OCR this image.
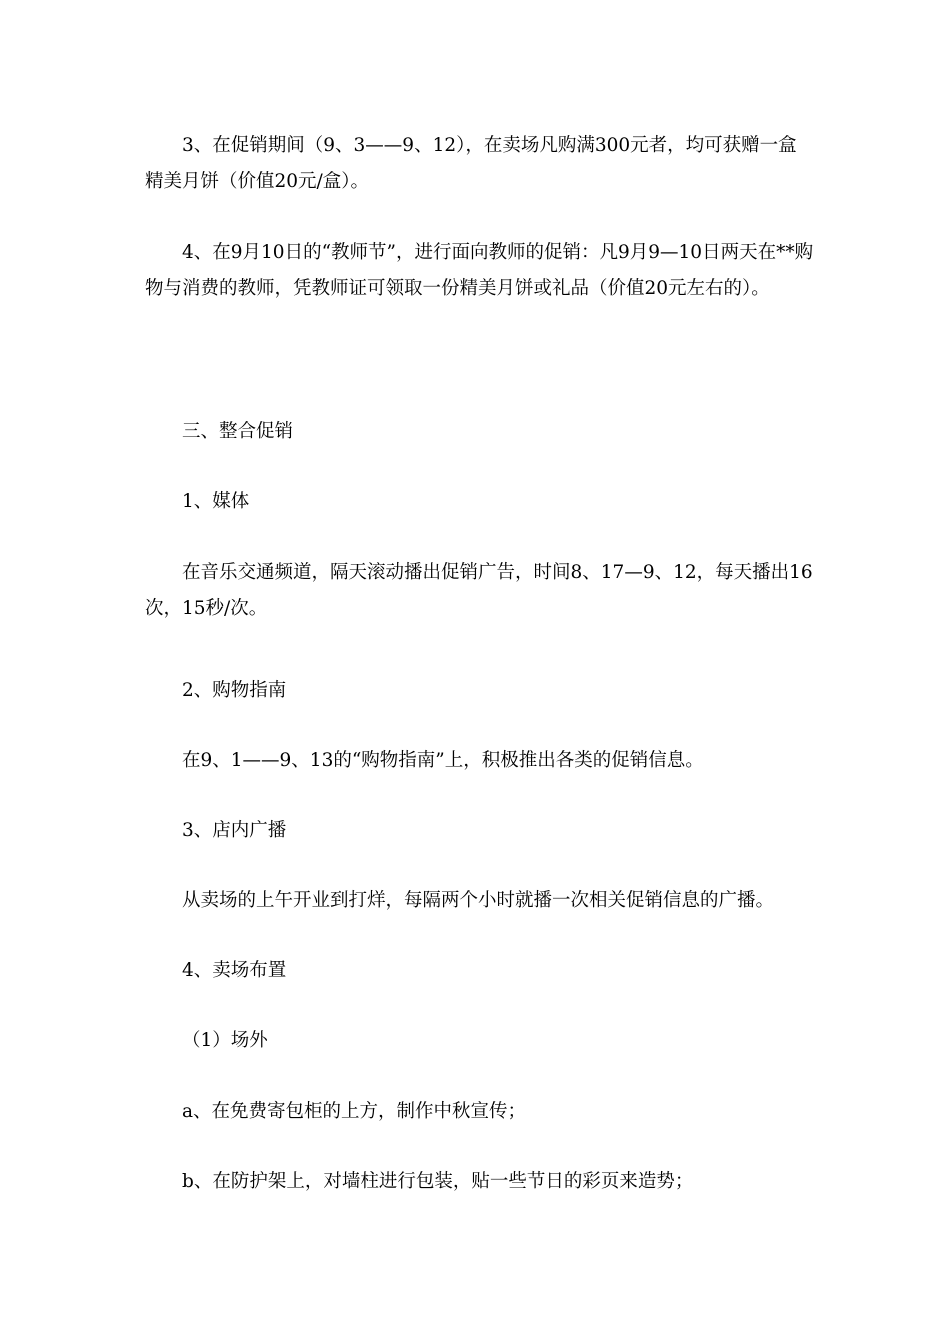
3、在促销期间（9、3——9、12），在卖场凡购满300元者，均可获赠一盒精美月饼（价值20元/盒）。

4、在9月10日的“教师节”，进行面向教师的促销：凡9月9—10日两天在**购物与消费的教师，凭教师证可领取一份精美月饼或礼品（价值20元左右的）。

三、整合促销

1、媒体

在音乐交通频道，隔天滚动播出促销广告，时间8、17—9、12，每天播出16次，15秒/次。

2、购物指南

在9、1——9、13的“购物指南”上，积极推出各类的促销信息。

3、店内广播

从卖场的上午开业到打烊，每隔两个小时就播一次相关促销信息的广播。

4、卖场布置

（1）场外

a、在免费寄包柜的上方，制作中秋宣传；

b、在防护架上，对墙柱进行包装，贴一些节日的彩页来造势；
